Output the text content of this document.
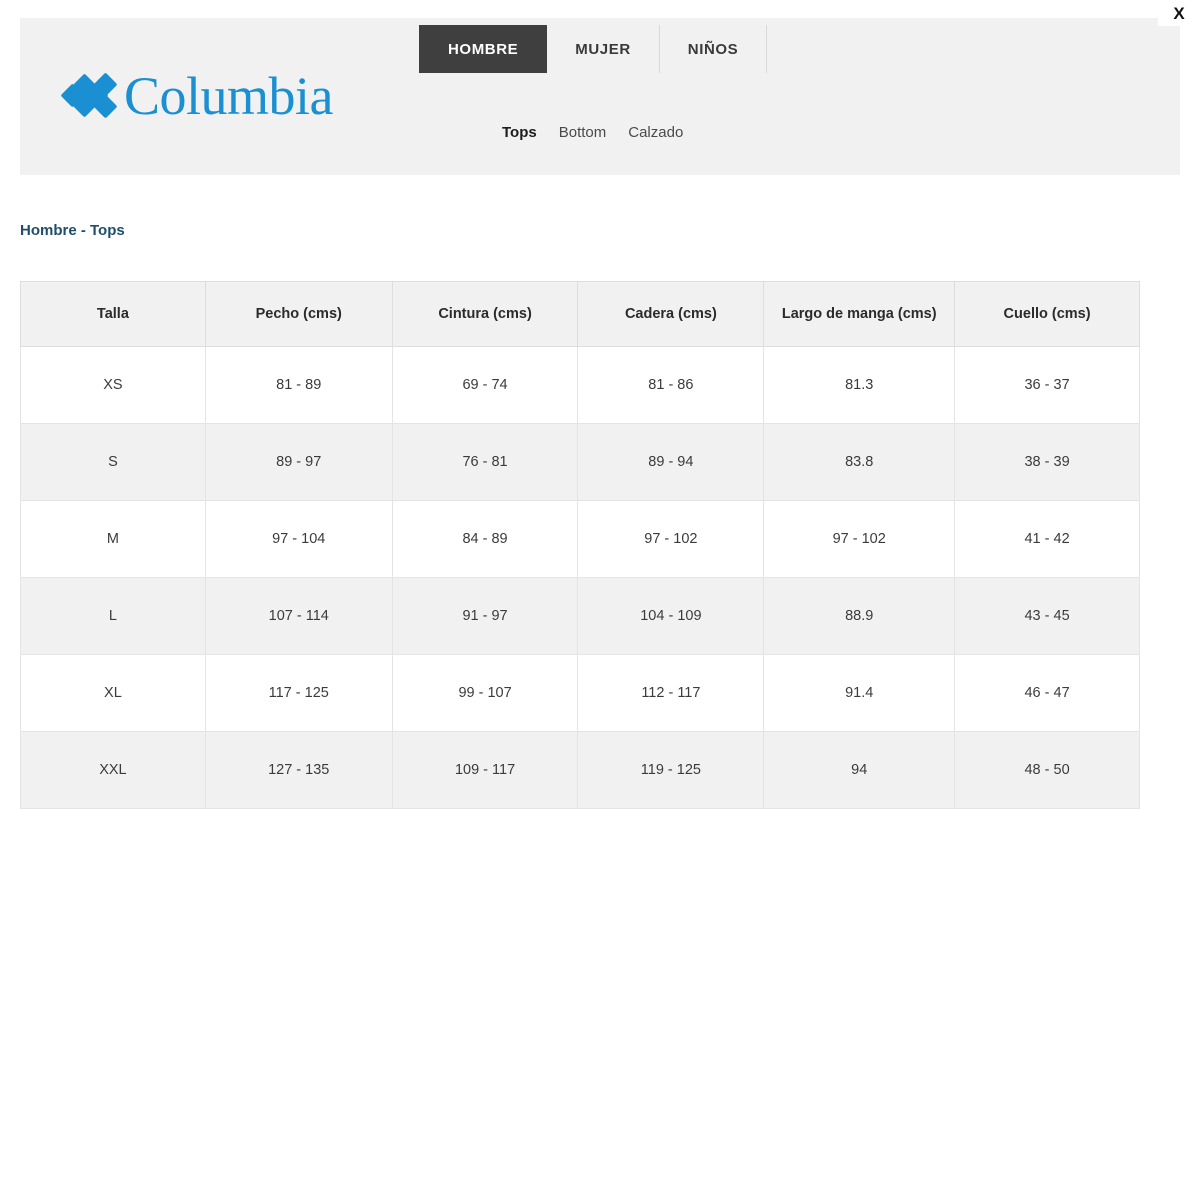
X
Columbia
HOMBRE	MUJER	NIÑOS
Tops Bottom Calzado
Hombre - Tops
Talla	Pecho (cms)	Cintura (cms)	Cadera (cms)	Largo de manga (cms)	Cuello (cms)
XS	81 - 89	69 - 74	81 - 86	81.3	36 - 37
S	89 - 97	76 - 81	89 - 94	83.8	38 - 39
M	97 - 104	84 - 89	97 - 102	97 - 102	41 - 42
L	107 - 114	91 - 97	104 - 109	88.9	43 - 45
XL	117 - 125	99 - 107	112 - 117	91.4	46 - 47
XXL	127 - 135	109 - 117	119 - 125	94	48 - 50
